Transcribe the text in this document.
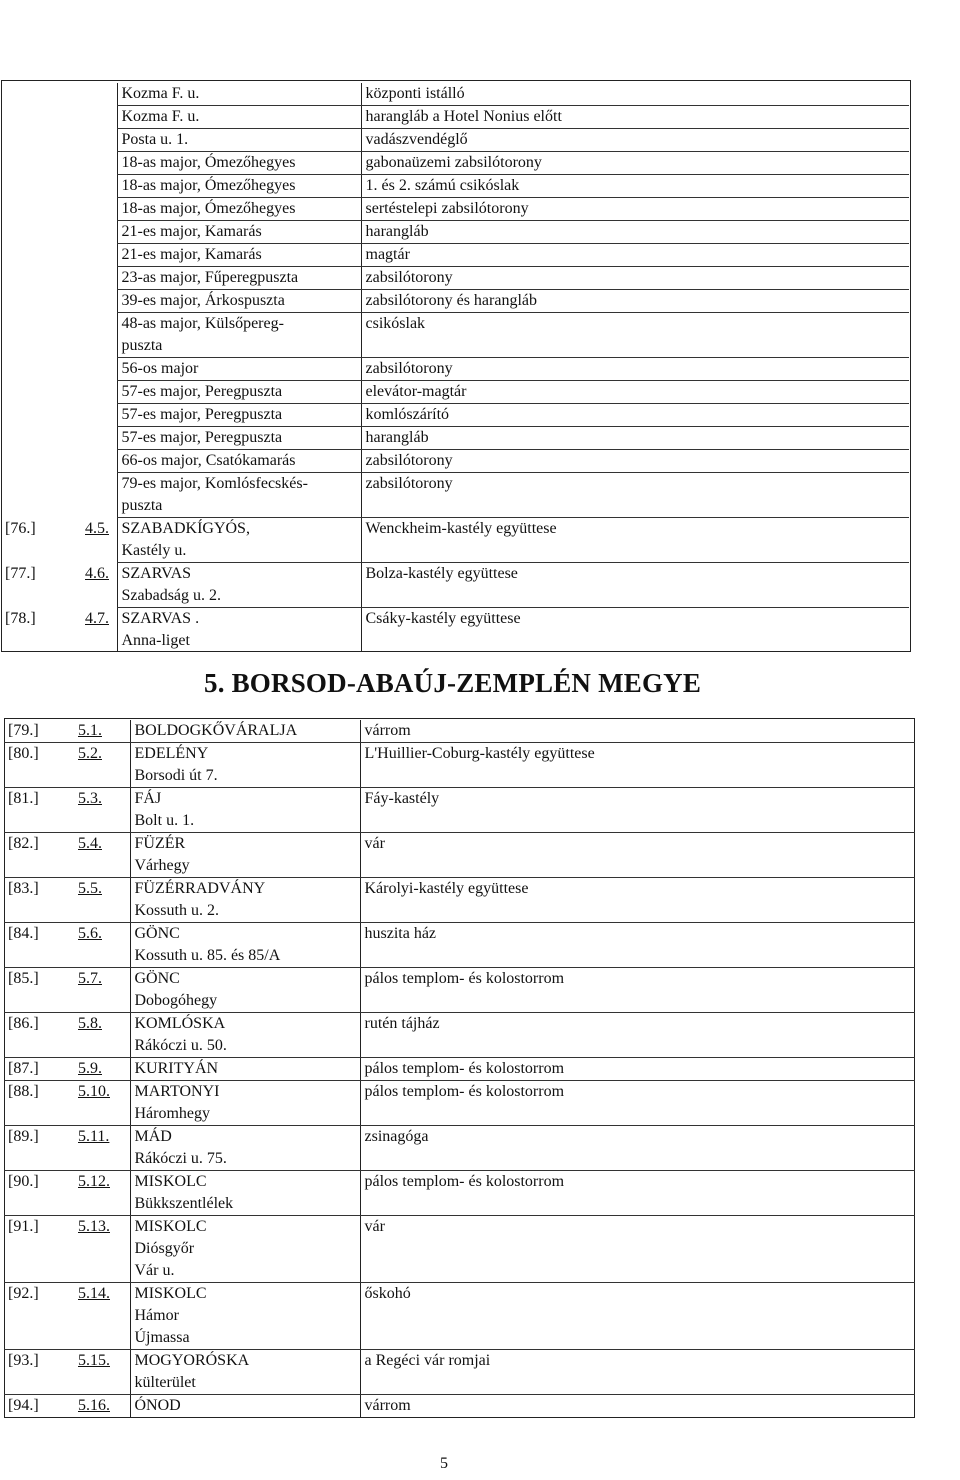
		Kozma F. u.	központi istálló

		Kozma F. u.	harangláb a Hotel Nonius előtt

		Posta u. 1.	vadászvendéglő

		18-as major, Ómezőhegyes	gabonaüzemi zabsilótorony

		18-as major, Ómezőhegyes	1. és 2. számú csikóslak

		18-as major, Ómezőhegyes	sertéstelepi zabsilótorony

		21-es major, Kamarás	harangláb

		21-es major, Kamarás	magtár

		23-as major, Fűperegpuszta	zabsilótorony

		39-es major, Árkospuszta	zabsilótorony és harangláb

		48-as major, Külsőpereg-
puszta	csikóslak

		56-os major	zabsilótorony

		57-es major, Peregpuszta	elevátor-magtár

		57-es major, Peregpuszta	komlószárító

		57-es major, Peregpuszta	harangláb

		66-os major, Csatókamarás	zabsilótorony

		79-es major, Komlósfecskés-
puszta	zabsilótorony
[76.]	4.5.	SZABADKÍGYÓS,
Kastély u.	Wenckheim-kastély együttese
[77.]	4.6.	SZARVAS
Szabadság u. 2.	Bolza-kastély együttese
[78.]	4.7.	SZARVAS .
Anna-liget	Csáky-kastély együttese
5. BORSOD-ABAÚJ-ZEMPLÉN MEGYE
[79.]	5.1.	BOLDOGKŐVÁRALJA	várrom
[80.]	5.2.	EDELÉNY
Borsodi út 7.	L'Huillier-Coburg-kastély együttese
[81.]	5.3.	FÁJ
Bolt u. 1.	Fáy-kastély
[82.]	5.4.	FÜZÉR
Várhegy	vár
[83.]	5.5.	FÜZÉRRADVÁNY
Kossuth u. 2.	Károlyi-kastély együttese
[84.]	5.6.	GÖNC
Kossuth u. 85. és 85/A	huszita ház
[85.]	5.7.	GÖNC
Dobogóhegy	pálos templom- és kolostorrom
[86.]	5.8.	KOMLÓSKA
Rákóczi u. 50.	rutén tájház
[87.]	5.9.	KURITYÁN	pálos templom- és kolostorrom
[88.]	5.10.	MARTONYI
Háromhegy	pálos templom- és kolostorrom
[89.]	5.11.	MÁD
Rákóczi u. 75.	zsinagóga
[90.]	5.12.	MISKOLC
Bükkszentlélek	pálos templom- és kolostorrom
[91.]	5.13.	MISKOLC
Diósgyőr
Vár u.	vár
[92.]	5.14.	MISKOLC
Hámor
Újmassa	őskohó
[93.]	5.15.	MOGYORÓSKA
külterület	a Regéci vár romjai
[94.]	5.16.	ÓNOD	várrom
5
